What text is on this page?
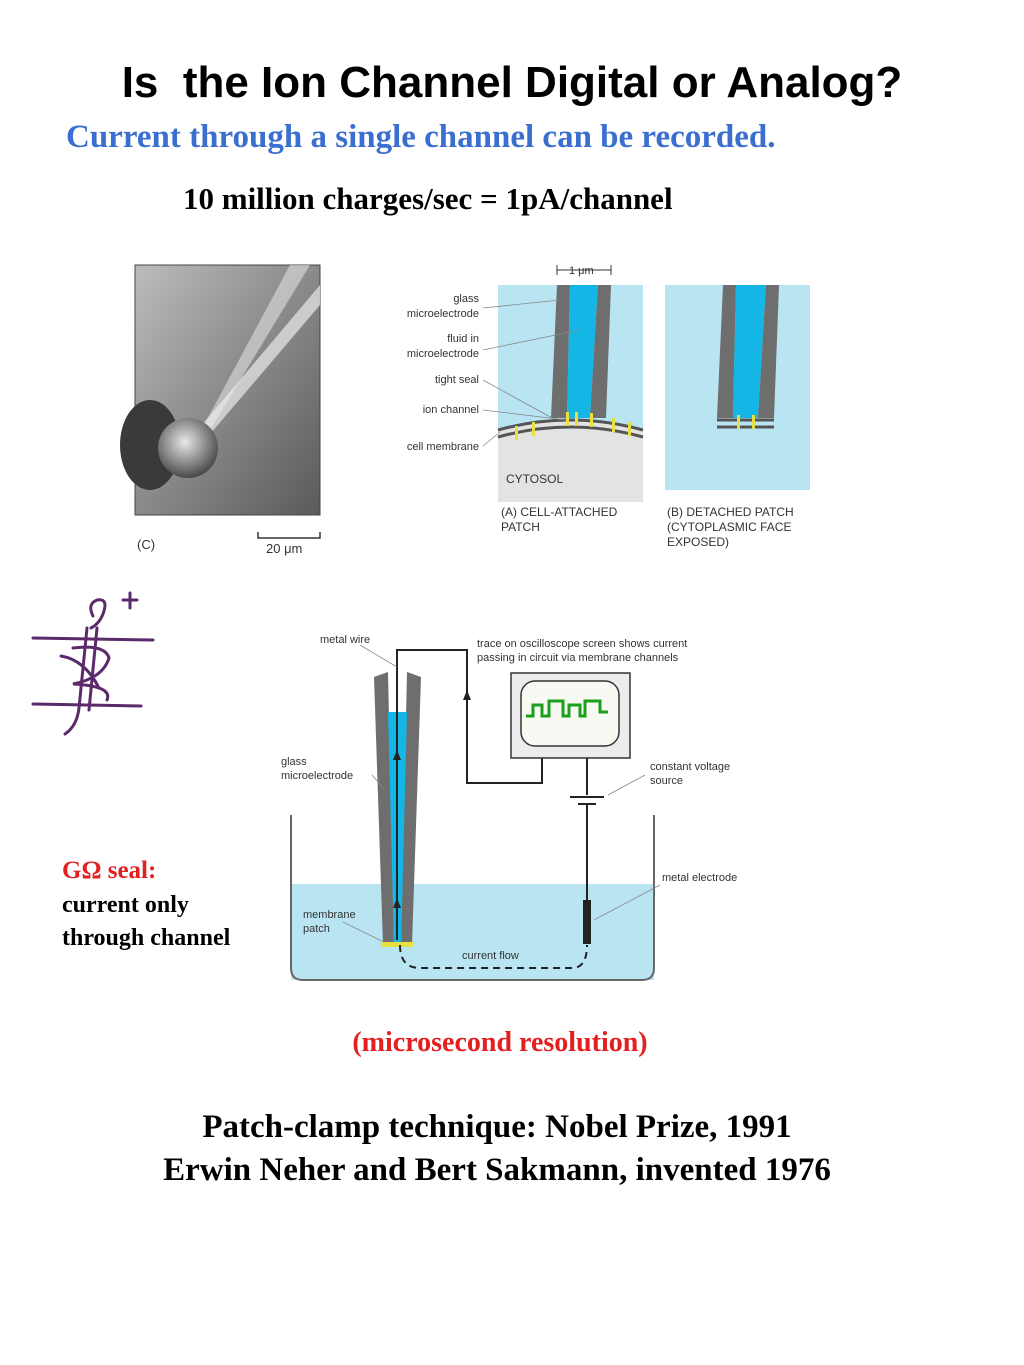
Is  the Ion Channel Digital or Analog?
Current through a single channel can be recorded.
10 million charges/sec = 1pA/channel
(C)	20 μm
CYTOSOL
1 μm
glass
microelectrode
fluid in
microelectrode
tight seal
ion channel
cell membrane
(A) CELL-ATTACHED
PATCH
(B) DETACHED PATCH
(CYTOPLASMIC FACE
EXPOSED)
metal wire	trace on oscilloscope screen shows current
passing in circuit via membrane channels
glass
microelectrode
constant voltage
source
metal electrode
membrane
patch
current flow
GΩ seal:
current only
through channel
(microsecond resolution)
Patch-clamp technique: Nobel Prize, 1991
Erwin Neher and Bert Sakmann, invented 1976
